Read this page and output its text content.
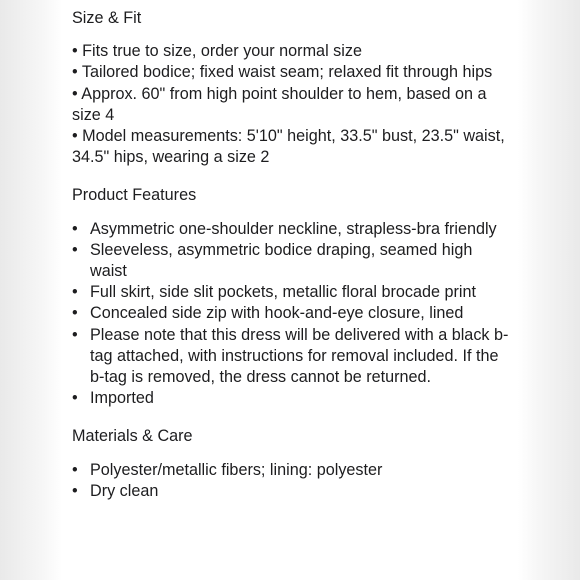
Size & Fit
• Fits true to size, order your normal size
• Tailored bodice; fixed waist seam; relaxed fit through hips
• Approx. 60" from high point shoulder to hem, based on a size 4
• Model measurements: 5'10" height, 33.5" bust, 23.5" waist, 34.5" hips, wearing a size 2
Product Features
• Asymmetric one-shoulder neckline, strapless-bra friendly
• Sleeveless, asymmetric bodice draping, seamed high waist
• Full skirt, side slit pockets, metallic floral brocade print
• Concealed side zip with hook-and-eye closure, lined
• Please note that this dress will be delivered with a black b-tag attached, with instructions for removal included. If the b-tag is removed, the dress cannot be returned.
• Imported
Materials & Care
• Polyester/metallic fibers; lining: polyester
• Dry clean
